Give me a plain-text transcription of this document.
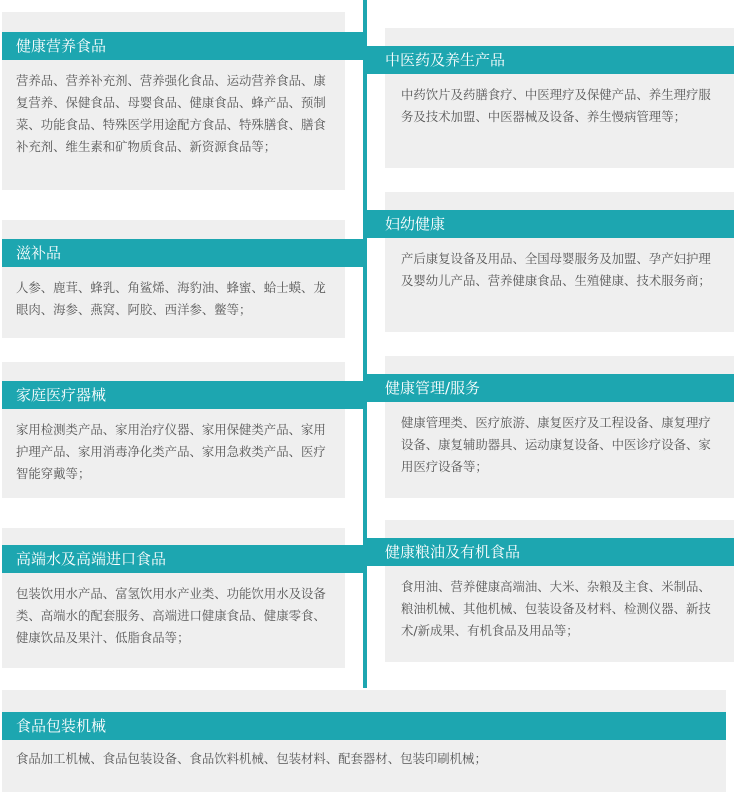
健康营养食品

营养品、营养补充剂、营养强化食品、运动营养食品、康复营养、保健食品、母婴食品、健康食品、蜂产品、预制菜、功能食品、特殊医学用途配方食品、特殊膳食、膳食补充剂、维生素和矿物质食品、新资源食品等；

滋补品

人参、鹿茸、蜂乳、角鲨烯、海豹油、蜂蜜、蛤士蟆、龙眼肉、海参、燕窝、阿胶、西洋参、鳖等；

家庭医疗器械

家用检测类产品、家用治疗仪器、家用保健类产品、家用护理产品、家用消毒净化类产品、家用急救类产品、医疗智能穿戴等；

高端水及高端进口食品

包装饮用水产品、富氢饮用水产业类、功能饮用水及设备类、高端水的配套服务、高端进口健康食品、健康零食、健康饮品及果汁、低脂食品等；

中医药及养生产品

中药饮片及药膳食疗、中医理疗及保健产品、养生理疗服务及技术加盟、中医器械及设备、养生慢病管理等；

妇幼健康

产后康复设备及用品、全国母婴服务及加盟、孕产妇护理及婴幼儿产品、营养健康食品、生殖健康、技术服务商；

健康管理/服务

健康管理类、医疗旅游、康复医疗及工程设备、康复理疗设备、康复辅助器具、运动康复设备、中医诊疗设备、家用医疗设备等；

健康粮油及有机食品

食用油、营养健康高端油、大米、杂粮及主食、米制品、粮油机械、其他机械、包装设备及材料、检测仪器、新技术/新成果、有机食品及用品等；

食品包装机械

食品加工机械、食品包装设备、食品饮料机械、包装材料、配套器材、包装印刷机械；
